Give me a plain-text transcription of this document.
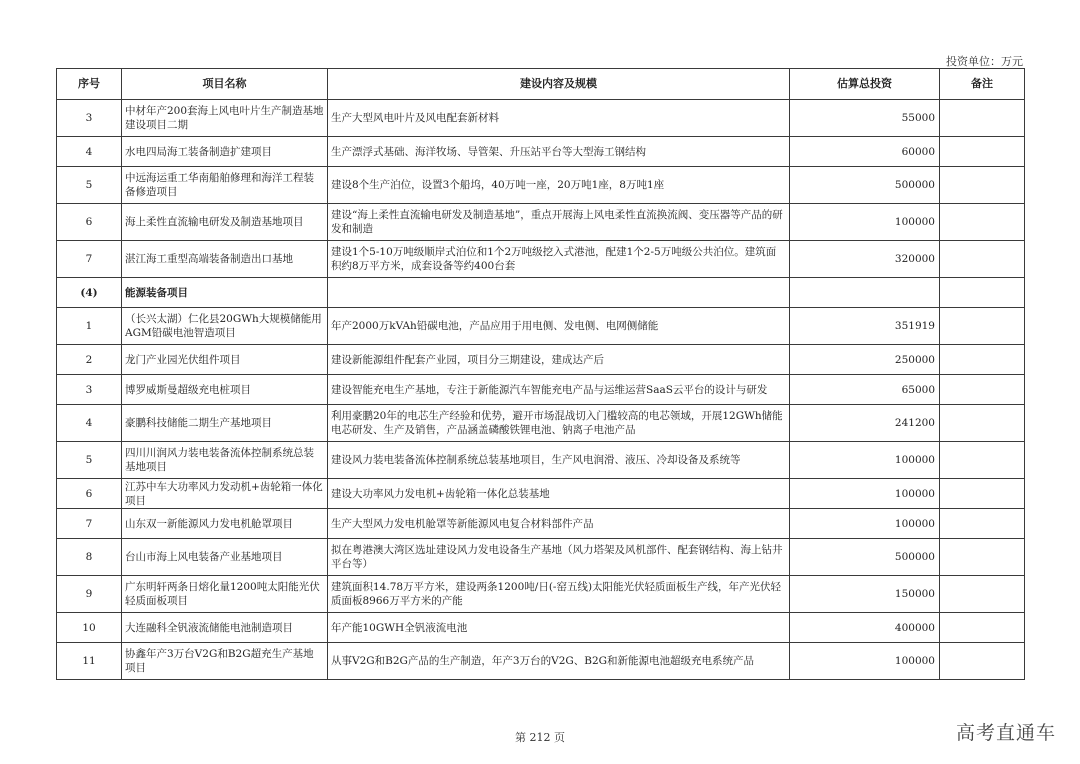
投资单位：万元
序号	项目名称	建设内容及规模	估算总投资	备注
3	中材年产200套海上风电叶片生产制造基地建设项目二期	生产大型风电叶片及风电配套新材料	55000	
4	水电四局海工装备制造扩建项目	生产漂浮式基础、海洋牧场、导管架、升压站平台等大型海工钢结构	60000	
5	中远海运重工华南船舶修理和海洋工程装备修造项目	建设8个生产泊位，设置3个船坞，40万吨一座，20万吨1座，8万吨1座	500000	
6	海上柔性直流输电研发及制造基地项目	建设“海上柔性直流输电研发及制造基地”，重点开展海上风电柔性直流换流阀、变压器等产品的研发和制造	100000	
7	湛江海工重型高端装备制造出口基地	建设1个5-10万吨级顺岸式泊位和1个2万吨级挖入式港池，配建1个2-5万吨级公共泊位。建筑面积约8万平方米，成套设备等约400台套	320000	
(4)	能源装备项目			
1	（长兴太湖）仁化县20GWh大规模储能用AGM铅碳电池智造项目	年产2000万kVAh铅碳电池，产品应用于用电侧、发电侧、电网侧储能	351919	
2	龙门产业园光伏组件项目	建设新能源组件配套产业园，项目分三期建设，建成达产后	250000	
3	博罗威斯曼超级充电桩项目	建设智能充电生产基地，专注于新能源汽车智能充电产品与运维运营SaaS云平台的设计与研发	65000	
4	豪鹏科技储能二期生产基地项目	利用豪鹏20年的电芯生产经验和优势，避开市场混战切入门槛较高的电芯领域，开展12GWh储能电芯研发、生产及销售，产品涵盖磷酸铁锂电池、钠离子电池产品	241200	
5	四川川润风力装电装备流体控制系统总装基地项目	建设风力装电装备流体控制系统总装基地项目，生产风电润滑、液压、冷却设备及系统等	100000	
6	江苏中车大功率风力发动机+齿轮箱一体化项目	建设大功率风力发电机+齿轮箱一体化总装基地	100000	
7	山东双一新能源风力发电机舱罩项目	生产大型风力发电机舱罩等新能源风电复合材料部件产品	100000	
8	台山市海上风电装备产业基地项目	拟在粤港澳大湾区选址建设风力发电设备生产基地（风力塔架及风机部件、配套钢结构、海上钻井平台等）	500000	
9	广东明轩两条日熔化量1200吨太阳能光伏轻质面板项目	建筑面积14.78万平方米，建设两条1200吨/日(-窑五线)太阳能光伏轻质面板生产线，年产光伏轻质面板8966万平方米的产能	150000	
10	大连融科全钒液流储能电池制造项目	年产能10GWH全钒液流电池	400000	
11	协鑫年产3万台V2G和B2G超充生产基地项目	从事V2G和B2G产品的生产制造，年产3万台的V2G、B2G和新能源电池超级充电系统产品	100000	
第 212 页	高考直通车
